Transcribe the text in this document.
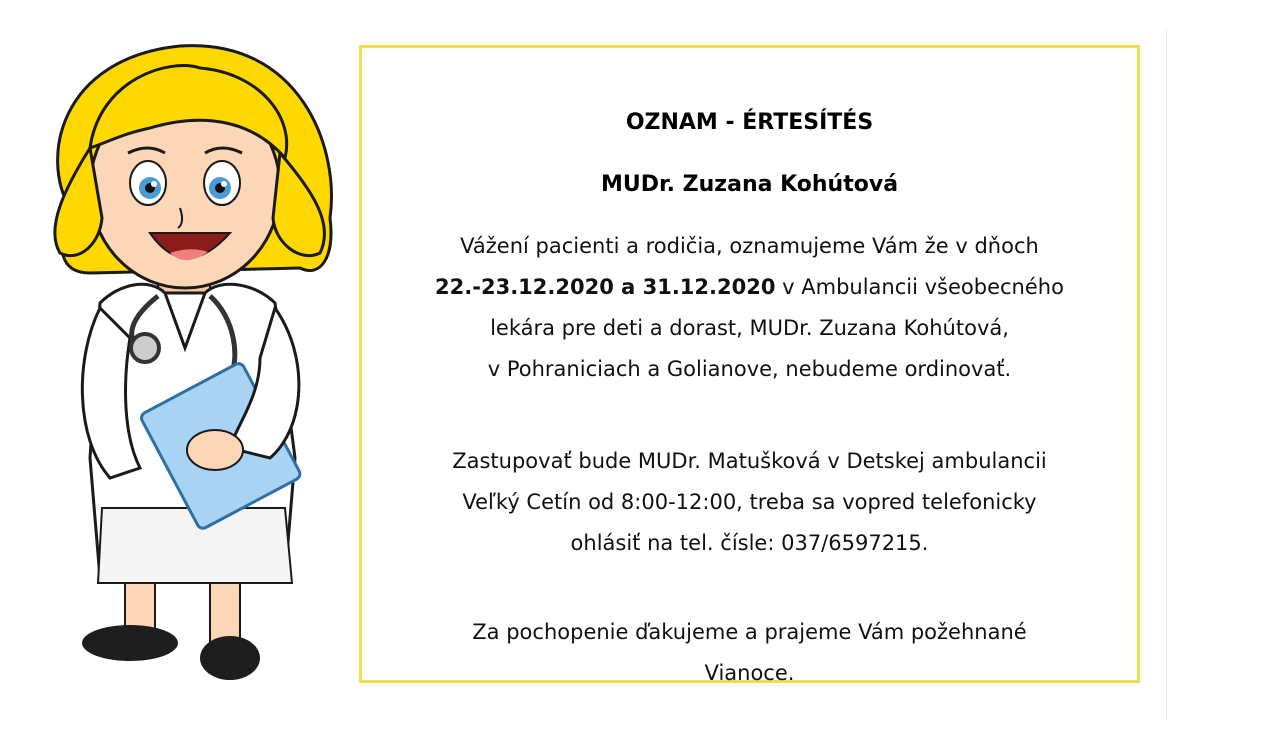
OZNAM - ÉRTESÍTÉS
MUDr. Zuzana Kohútová

Vážení pacienti a rodičia, oznamujeme Vám že v dňoch
22.-23.12.2020 a 31.12.2020 v Ambulancii všeobecného
lekára pre deti a dorast, MUDr. Zuzana Kohútová,
v Pohraniciach a Golianove, nebudeme ordinovať.

Zastupovať bude MUDr. Matušková v Detskej ambulancii
Veľký Cetín od 8:00-12:00, treba sa vopred telefonicky
ohlásiť na tel. čísle: 037/6597215.

Za pochopenie ďakujeme a prajeme Vám požehnané
Vianoce.
